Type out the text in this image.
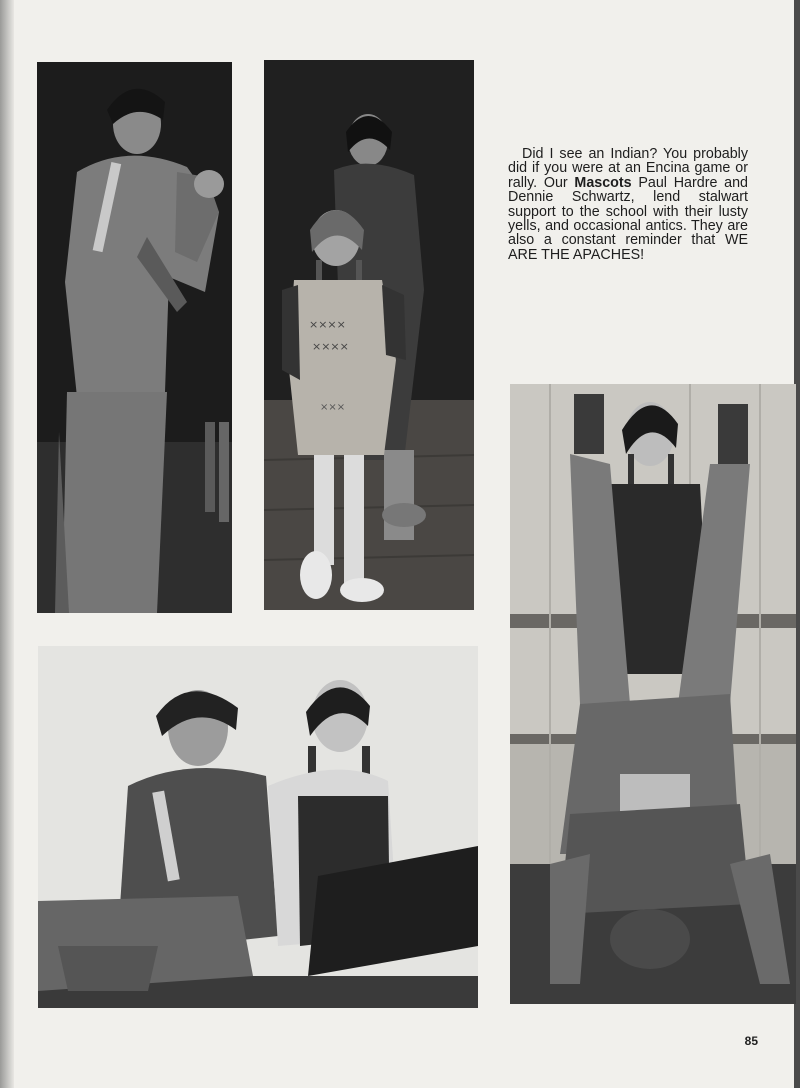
××××
××××
×××

Did I see an Indian? You probably did if you were at an Encina game or rally. Our Mascots Paul Hardre and Dennie Schwartz, lend stalwart support to the school with their lusty yells, and occasional antics. They are also a constant reminder that WE ARE THE APACHES!

85
